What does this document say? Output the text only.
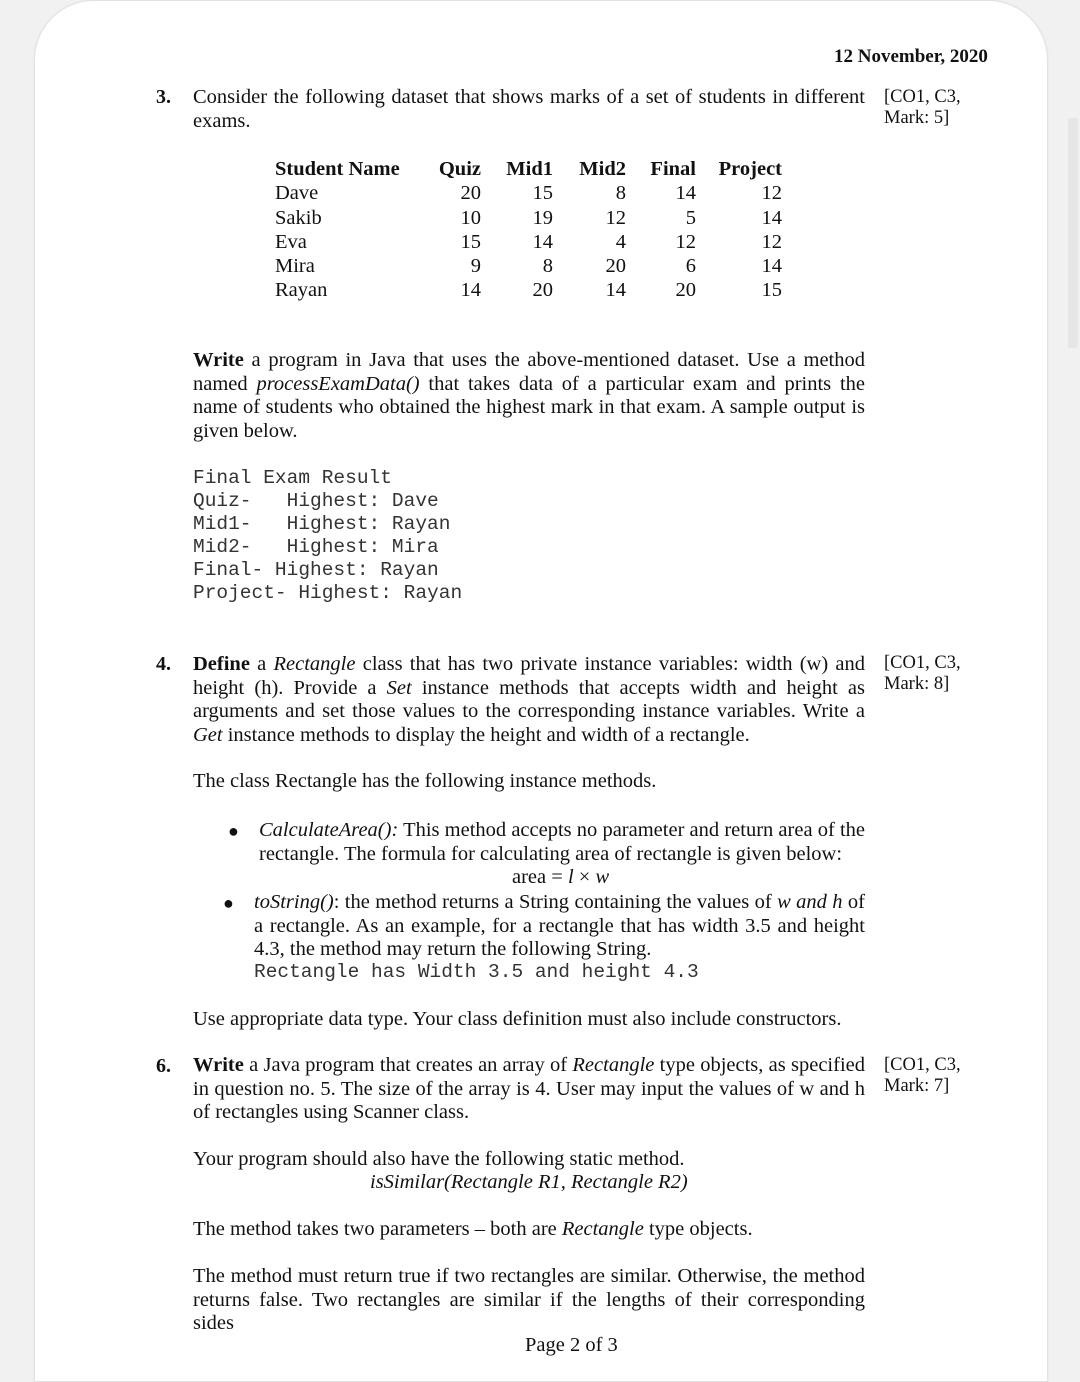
12 November, 2020
3. Consider the following dataset that shows marks of a set of students in different exams.
[CO1, C3,
Mark: 5]
Student Name	Quiz	Mid1	Mid2	Final	Project
Dave	20	15	8	14	12
Sakib	10	19	12	5	14
Eva	15	14	4	12	12
Mira	9	8	20	6	14
Rayan	14	20	14	20	15
Write a program in Java that uses the above-mentioned dataset. Use a method named processExamData() that takes data of a particular exam and prints the name of students who obtained the highest mark in that exam. A sample output is given below.
Final Exam Result
Quiz-   Highest: Dave
Mid1-   Highest: Rayan
Mid2-   Highest: Mira
Final- Highest: Rayan
Project- Highest: Rayan
4. Define a Rectangle class that has two private instance variables: width (w) and height (h). Provide a Set instance methods that accepts width and height as arguments and set those values to the corresponding instance variables. Write a Get instance methods to display the height and width of a rectangle.
[CO1, C3,
Mark: 8]
The class Rectangle has the following instance methods.
● CalculateArea(): This method accepts no parameter and return area of the rectangle. The formula for calculating area of rectangle is given below:
area = l × w
● toString(): the method returns a String containing the values of w and h of a rectangle. As an example, for a rectangle that has width 3.5 and height 4.3, the method may return the following String.
Rectangle has Width 3.5 and height 4.3
Use appropriate data type. Your class definition must also include constructors.
6. Write a Java program that creates an array of Rectangle type objects, as specified in question no. 5. The size of the array is 4. User may input the values of w and h of rectangles using Scanner class.
[CO1, C3,
Mark: 7]
Your program should also have the following static method.
isSimilar(Rectangle R1, Rectangle R2)
The method takes two parameters – both are Rectangle type objects.
The method must return true if two rectangles are similar. Otherwise, the method returns false. Two rectangles are similar if the lengths of their corresponding sides
Page 2 of 3
